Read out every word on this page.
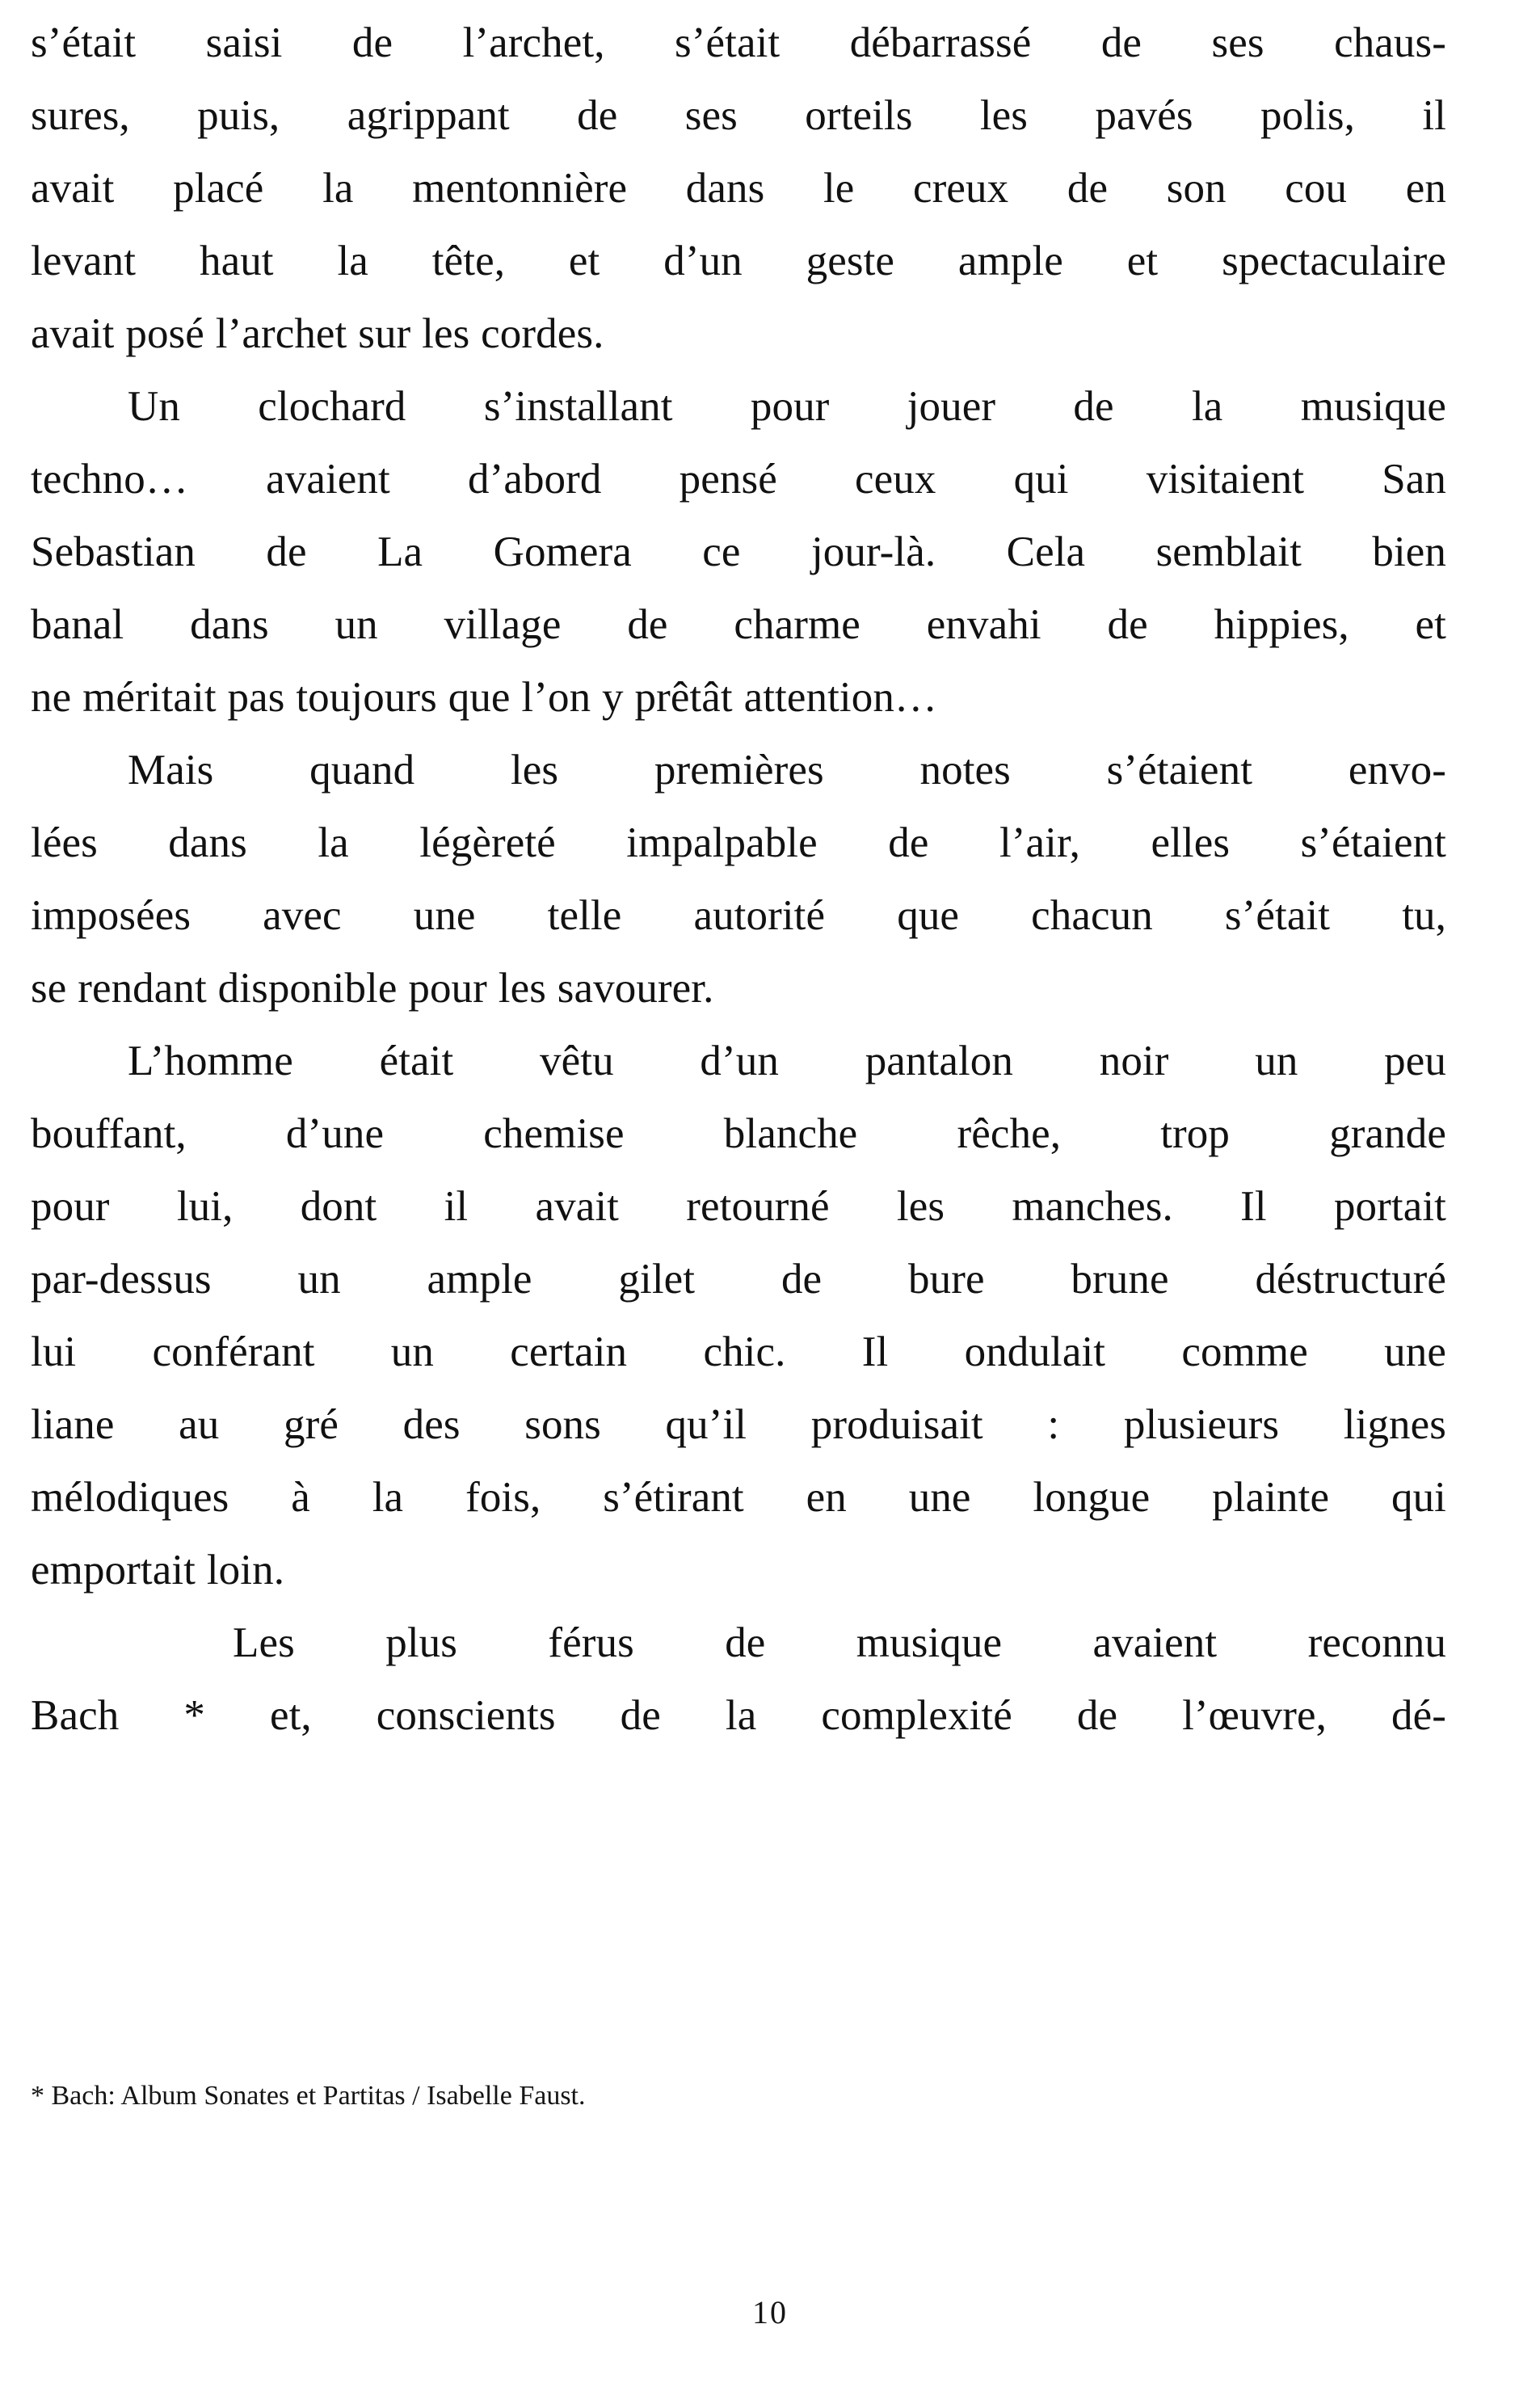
s’était saisi de l’archet, s’était débarrassé de ses chaus-
sures, puis, agrippant de ses orteils les pavés polis, il
avait placé la mentonnière dans le creux de son cou en
levant haut la tête, et d’un geste ample et spectaculaire
avait posé l’archet sur les cordes.

Un clochard s’installant pour jouer de la musique
techno… avaient d’abord pensé ceux qui visitaient San
Sebastian de La Gomera ce jour-là. Cela semblait bien
banal dans un village de charme envahi de hippies, et
ne méritait pas toujours que l’on y prêtât attention…

Mais quand les premières notes s’étaient envo-
lées dans la légèreté impalpable de l’air, elles s’étaient
imposées avec une telle autorité que chacun s’était tu,
se rendant disponible pour les savourer.

L’homme était vêtu d’un pantalon noir un peu
bouffant, d’une chemise blanche rêche, trop grande
pour lui, dont il avait retourné les manches. Il portait
par-dessus un ample gilet de bure brune déstructuré
lui conférant un certain chic. Il ondulait comme une
liane au gré des sons qu’il produisait : plusieurs lignes
mélodiques à la fois, s’étirant en une longue plainte qui
emportait loin.

Les plus férus de musique avaient reconnu
Bach * et, conscients de la complexité de l’œuvre, dé-

* Bach: Album Sonates et Partitas / Isabelle Faust.
10
